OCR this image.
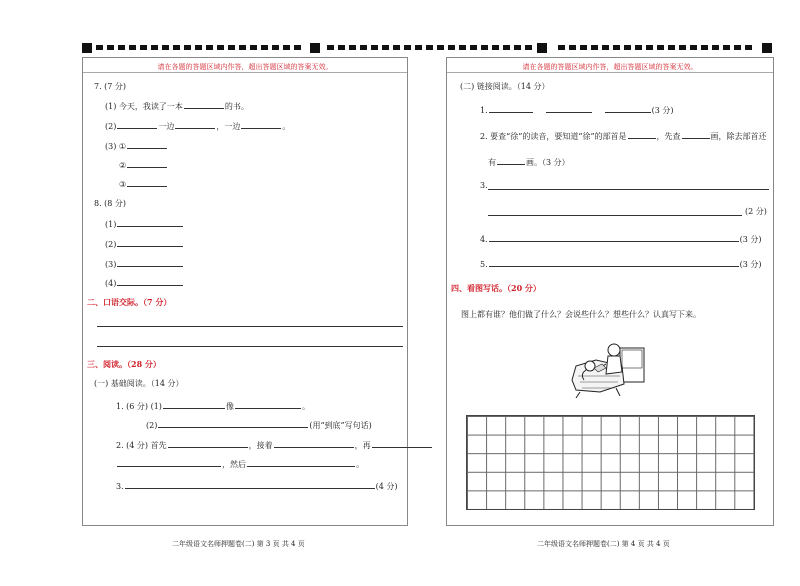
请在各题的答题区域内作答，超出答题区域的答案无效。
7. (7 分)
(1) 今天，我读了一本	的书。
(2)	一边	，一边	。
(3) ①
②
③
8. (8 分)
(1)
(2)
(3)
(4)
二、口语交际。（7 分）
三、阅读。（28 分）
(一) 基础阅读。（14 分）
1. (6 分) (1)	像	。
(2)	(用“到底”写句话)
2. (4 分) 首先	，接着	，再
，然后	。
3.	(4 分)
请在各题的答题区域内作答，超出答题区域的答案无效。
(二) 链接阅读。（14 分）
1.	(3 分)
2. 要查“徐”的读音，要知道“徐”的部首是	，先查	画，除去部首还
有	画。（3 分）
3.
(2 分)
4.	(3 分)
5.	(3 分)
四、看图写话。（20 分）
图上都有谁？他们做了什么？会说些什么？想些什么？认真写下来。
二年级语文名师押题卷(二) 第 3 页 共 4 页	二年级语文名师押题卷(二) 第 4 页 共 4 页
